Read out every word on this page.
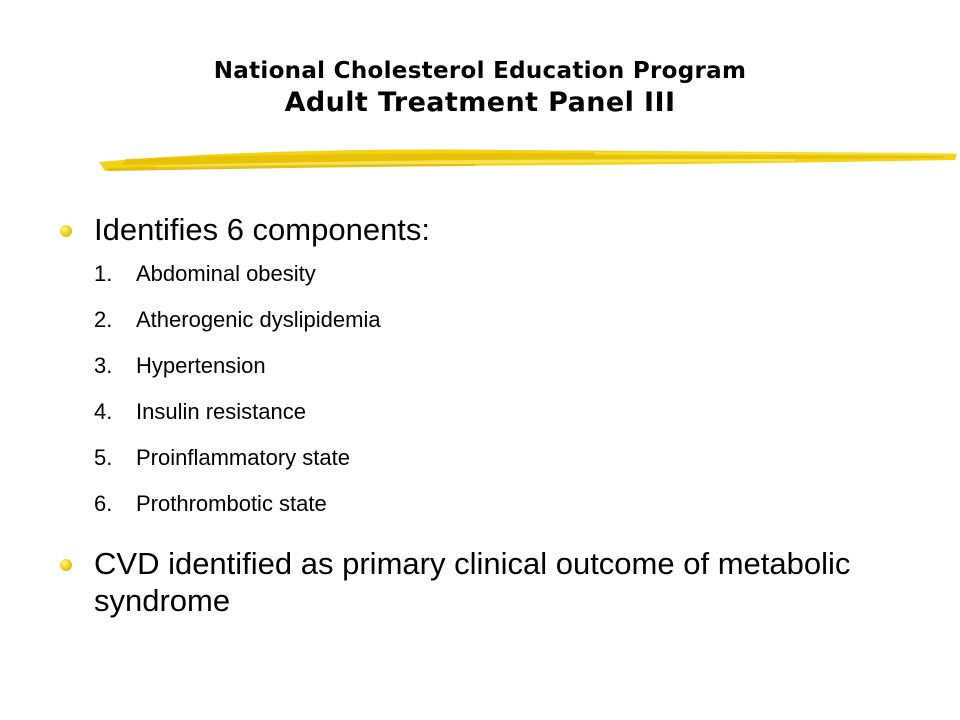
National Cholesterol Education Program
Adult Treatment Panel III
Identifies 6 components:
1.	Abdominal obesity
2.	Atherogenic dyslipidemia
3.	Hypertension
4.	Insulin resistance
5.	Proinflammatory state
6.	Prothrombotic state
CVD identified as primary clinical outcome of metabolic syndrome
